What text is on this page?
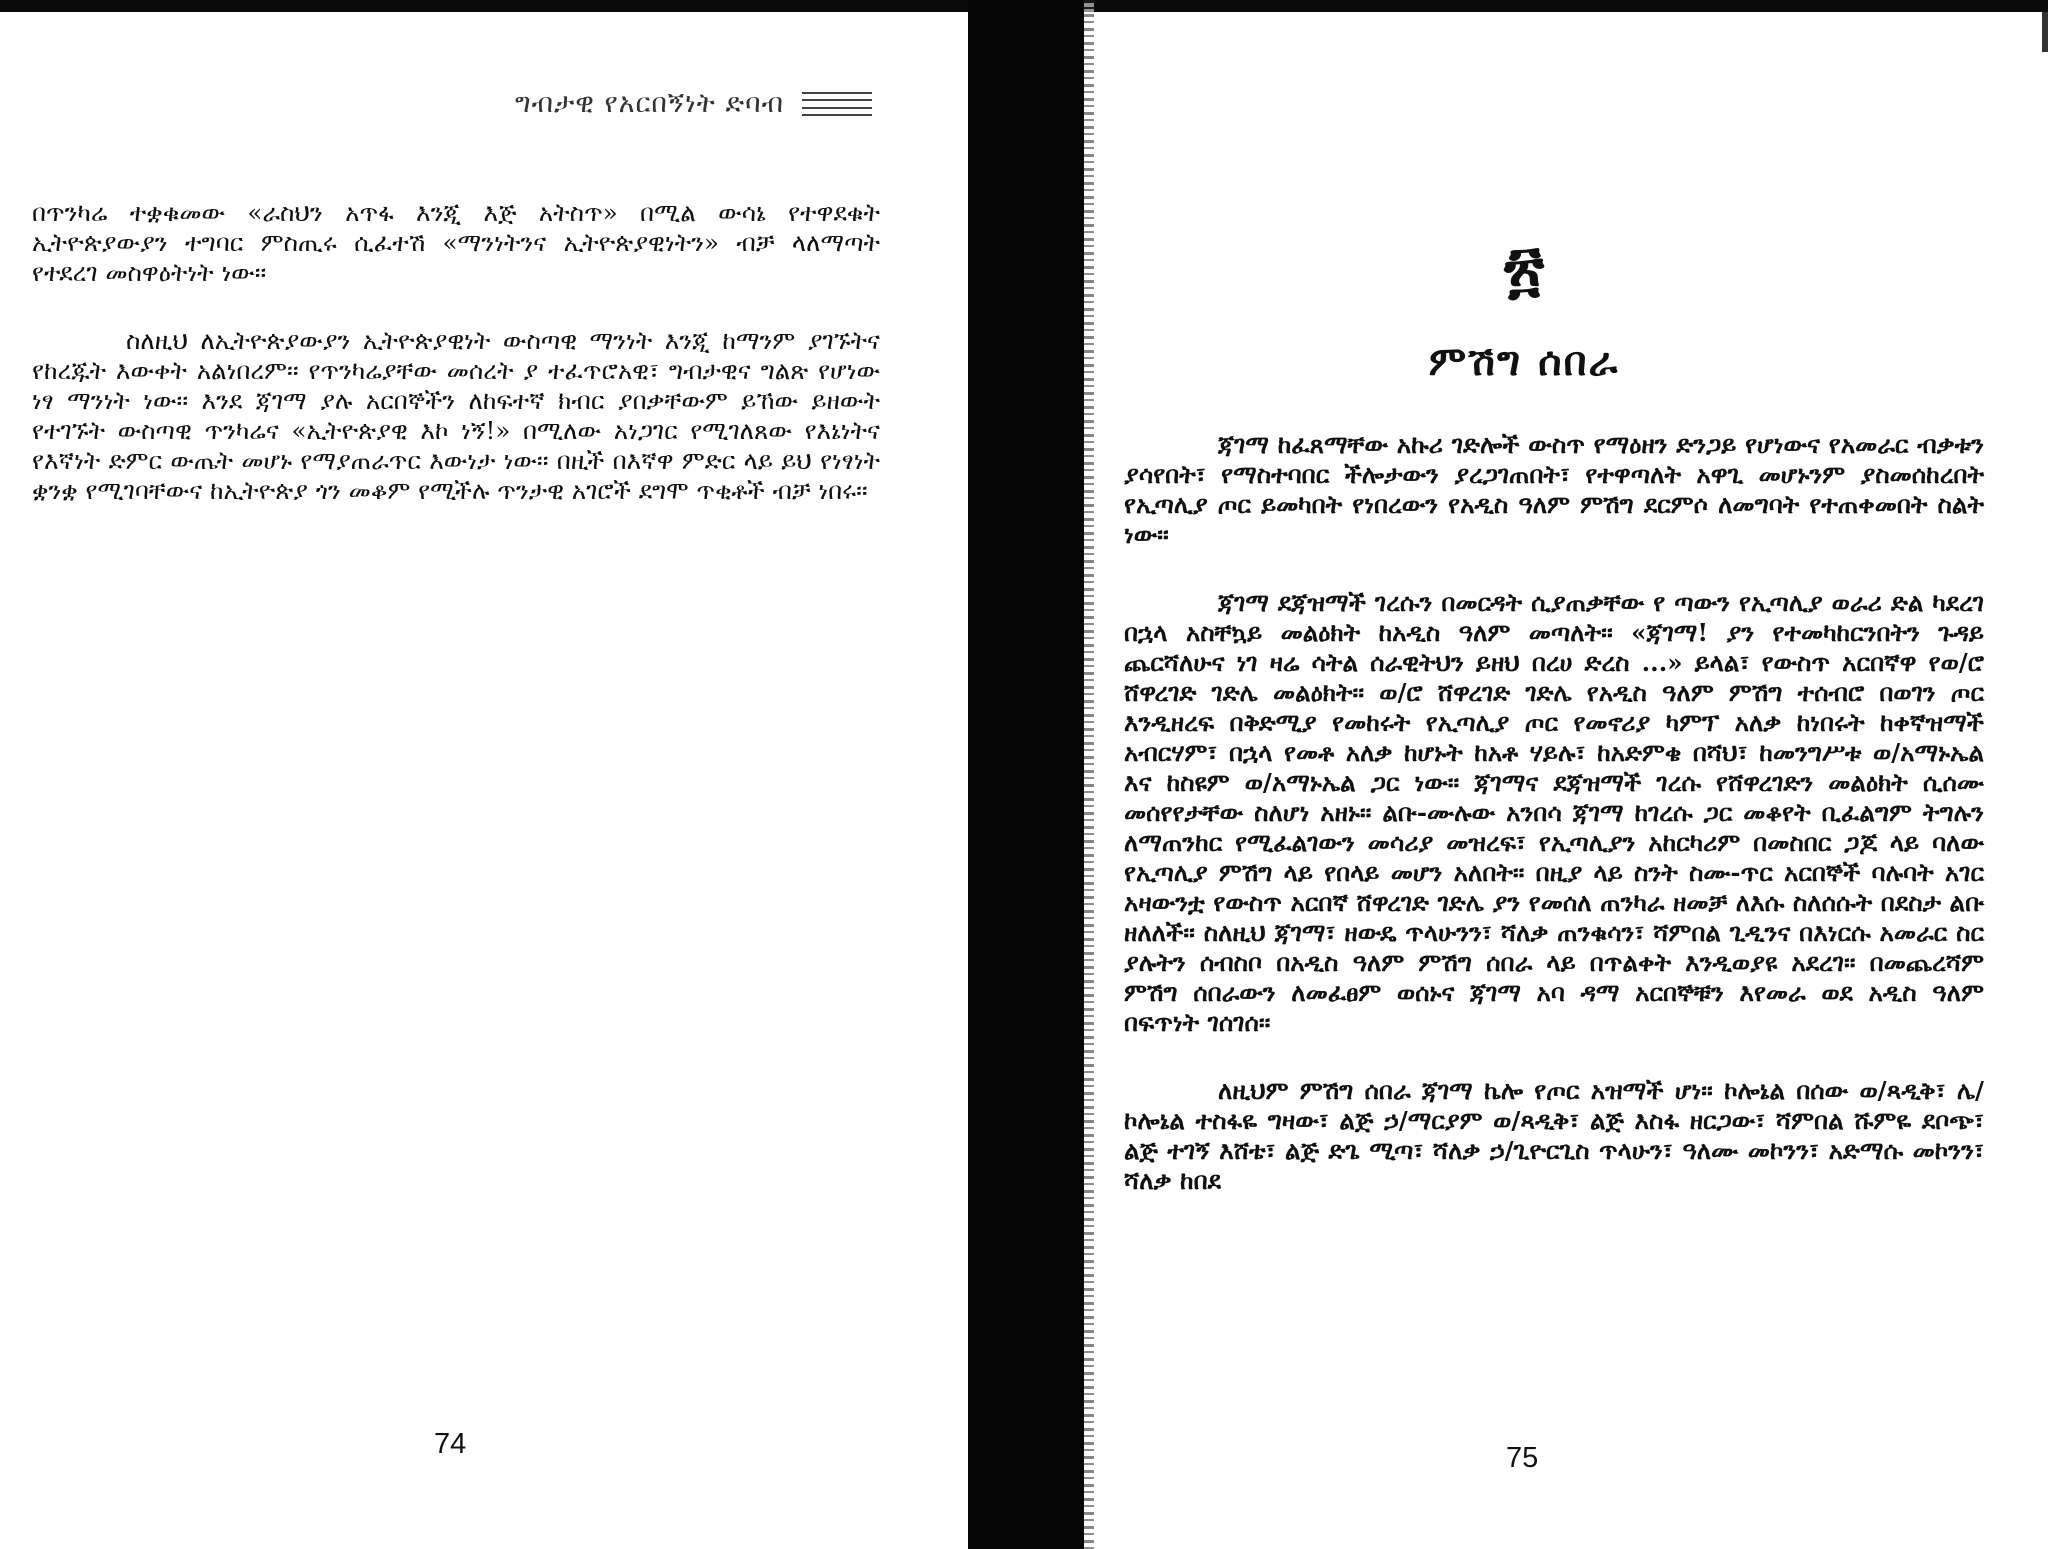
ግብታዊ የአርበኝነት ድባብ

በጥንካሬ ተቋቁመው «ራስህን አጥፋ እንጂ እጅ አትስጥ» በሚል ውሳኔ የተዋደቁት ኢትዮጵያውያን ተግባር ምስጢሩ ሲፈተሽ «ማንነትንና ኢትዮጵያዊነትን» ብቻ ላለማጣት የተደረገ መስዋዕትነት ነው፡፡

ስለዚህ ለኢትዮጵያውያን ኢትዮጵያዊነት ውስጣዊ ማንነት እንጂ ከማንም ያገኙትና የከረጁት እውቀት አልነበረም፡፡ የጥንካሬያቸው መሰረት ያ ተፈጥሮአዊ፣ ግብታዊና ግልጽ የሆነው ነፃ ማንነት ነው፡፡ እንደ ጃገማ ያሉ አርበኞችን ለከፍተኛ ክብር ያበቃቸውም ይኸው ይዘውት የተገኙት ውስጣዊ ጥንካሬና «ኢትዮጵያዊ እኮ ነኝ!» በሚለው አነጋገር የሚገለጸው የእኔነትና የእኛነት ድምር ውጤት መሆኑ የማያጠራጥር እውነታ ነው፡፡ በዚች በእኛዋ ምድር ላይ ይህ የነፃነት ቋንቋ የሚገባቸውና ከኢትዮጵያ ጎን መቆም የሚችሉ ጥንታዊ አገሮች ደግሞ ጥቂቶች ብቻ ነበሩ፡፡

74
፳
ምሽግ ሰበራ

ጃገማ ከፈጸማቸው አኩሪ ገድሎች ውስጥ የማዕዘን ድንጋይ የሆነውና የአመራር ብቃቱን ያሳየበት፣ የማስተባበር ችሎታውን ያረጋገጠበት፣ የተዋጣለት አዋጊ መሆኑንም ያስመሰከረበት የኢጣሊያ ጦር ይመካበት የነበረውን የአዲስ ዓለም ምሽግ ደርምሶ ለመግባት የተጠቀመበት ስልት ነው፡፡

ጃገማ ደጃዝማች ገረሱን በመርዳት ሲያጠቃቸው የ ጣውን የኢጣሊያ ወራሪ ድል ካደረገ በኋላ አስቸኳይ መልዕክት ከአዲስ ዓለም መጣለት፡፡ «ጃገማ! ያን የተመካከርንበትን ጉዳይ ጨርሻለሁና ነገ ዛሬ ሳትል ሰራዊትህን ይዘህ በረሀ ድረስ ...» ይላል፣ የውስጥ አርበኛዋ የወ/ሮ ሸዋረገድ ገድሌ መልዕክት፡፡ ወ/ሮ ሸዋረገድ ገድሌ የአዲስ ዓለም ምሽግ ተሰብሮ በወገን ጦር እንዲዘረፍ በቅድሚያ የመከሩት የኢጣሊያ ጦር የመኖሪያ ካምፕ አለቃ ከነበሩት ከቀኛዝማች አብርሃም፣ በኋላ የመቶ አለቃ ከሆኑት ከአቶ ሃይሉ፣ ከአድምቄ በሻህ፣ ከመንግሥቱ ወ/አማኑኤል እና ከስዩም ወ/አማኑኤል ጋር ነው፡፡ ጃገማና ደጃዝማች ገረሱ የሸዋረገድን መልዕክት ሲሰሙ መሰየየታቸው ስለሆነ አዘኑ፡፡ ልቡ-ሙሉው አንበሳ ጃገማ ከገረሱ ጋር መቆየት ቢፈልግም ትግሉን ለማጠንከር የሚፈልገውን መሳሪያ መዝረፍ፣ የኢጣሊያን አከርካሪም በመስበር ጋጆ ላይ ባለው የኢጣሊያ ምሽግ ላይ የበላይ መሆን አለበት፡፡ በዚያ ላይ ስንት ስሙ-ጥር አርበኞች ባሉባት አገር አዛውንቷ የውስጥ አርበኛ ሸዋረገድ ገድሌ ያን የመሰለ ጠንካራ ዘመቻ ለእሱ ስለሰሱት በደስታ ልቡ ዘለለች፡፡ ስለዚህ ጃገማ፣ ዘውዴ ጥላሁንን፣ ሻለቃ ጠንቁሳን፣ ሻምበል ጊዲንና በእነርሱ አመራር ስር ያሉትን ሰብስቦ በአዲስ ዓለም ምሽግ ሰበራ ላይ በጥልቀት እንዲወያዩ አደረገ፡፡ በመጨረሻም ምሽግ ሰበራውን ለመፈፀም ወሰኑና ጃገማ አባ ዳማ አርበኞቹን እየመራ ወደ አዲስ ዓለም በፍጥነት ገሰገሰ፡፡

ለዚህም ምሽግ ሰበራ ጃገማ ኬሎ የጦር አዝማች ሆነ፡፡ ኮሎኔል በሰው ወ/ጻዲቅ፣ ሌ/ኮሎኔል ተስፋዬ ግዛው፣ ልጅ ኃ/ማርያም ወ/ጻዲቅ፣ ልጅ እስፋ ዘርጋው፣ ሻምበል ሹምዬ ደቦጭ፣ ልጅ ተገኝ እሸቴ፣ ልጅ ድጌ ሚጣ፣ ሻለቃ ኃ/ጊዮርጊስ ጥላሁን፣ ዓለሙ መኮንን፣ አድማሱ መኮንን፣ ሻለቃ ከበደ

75
